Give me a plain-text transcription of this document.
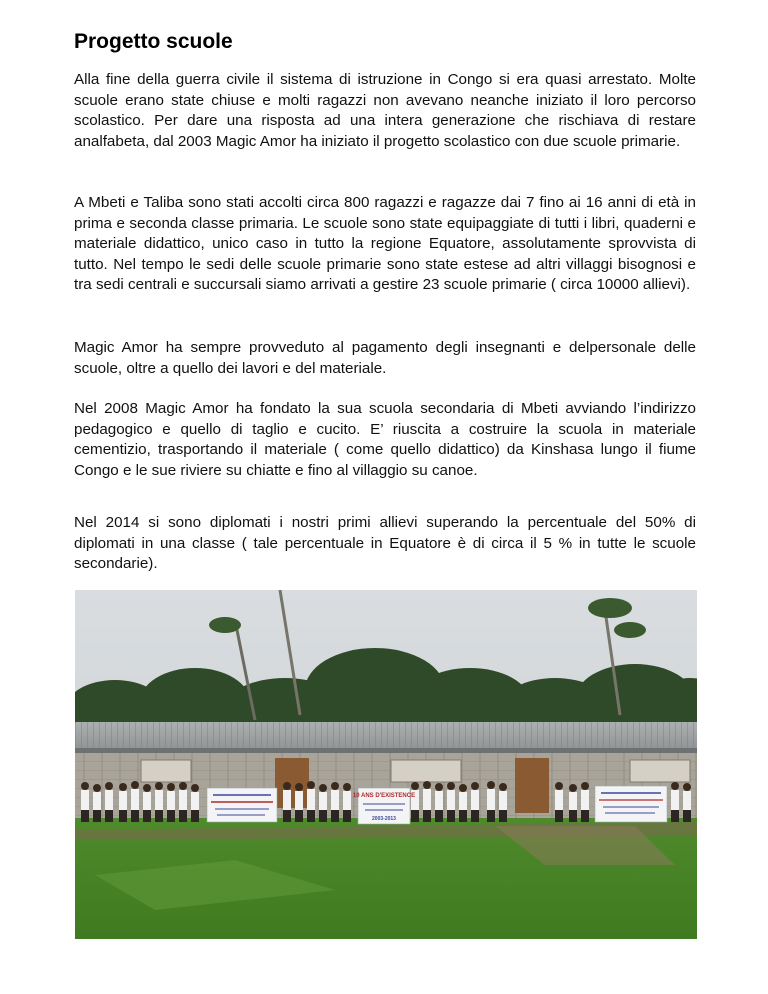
Progetto scuole

Alla fine della guerra civile il sistema di istruzione in Congo si era quasi arrestato. Molte scuole erano state chiuse e molti ragazzi non avevano neanche iniziato il loro percorso scolastico. Per dare una risposta ad una intera generazione che rischiava di restare analfabeta, dal 2003 Magic Amor ha iniziato il progetto scolastico con due scuole primarie.

A Mbeti e Taliba sono stati accolti circa 800 ragazzi e ragazze dai 7 fino ai 16 anni di età in prima e seconda classe primaria. Le scuole sono state equipaggiate di tutti i libri, quaderni e materiale didattico, unico caso in tutto la regione Equatore, assolutamente sprovvista di tutto. Nel tempo le sedi delle scuole primarie sono state estese ad altri villaggi bisognosi e tra sedi centrali e succursali siamo arrivati a gestire 23 scuole primarie ( circa 10000 allievi).

Magic Amor ha sempre provveduto al pagamento degli insegnanti e delpersonale delle scuole, oltre a quello dei lavori e del materiale.

Nel 2008 Magic Amor ha fondato la sua scuola secondaria di Mbeti avviando l’indirizzo pedagogico e quello di taglio e cucito. E’ riuscita a costruire la scuola in materiale cementizio, trasportando il materiale ( come quello didattico) da Kinshasa lungo il fiume Congo e le sue riviere su chiatte e fino al villaggio su canoe.

Nel 2014 si sono diplomati i nostri primi allievi superando la percentuale del 50% di diplomati in una classe ( tale percentuale in Equatore è di circa il 5 % in tutte le scuole secondarie).

10 ANS D'EXISTENCE
2003-2013
